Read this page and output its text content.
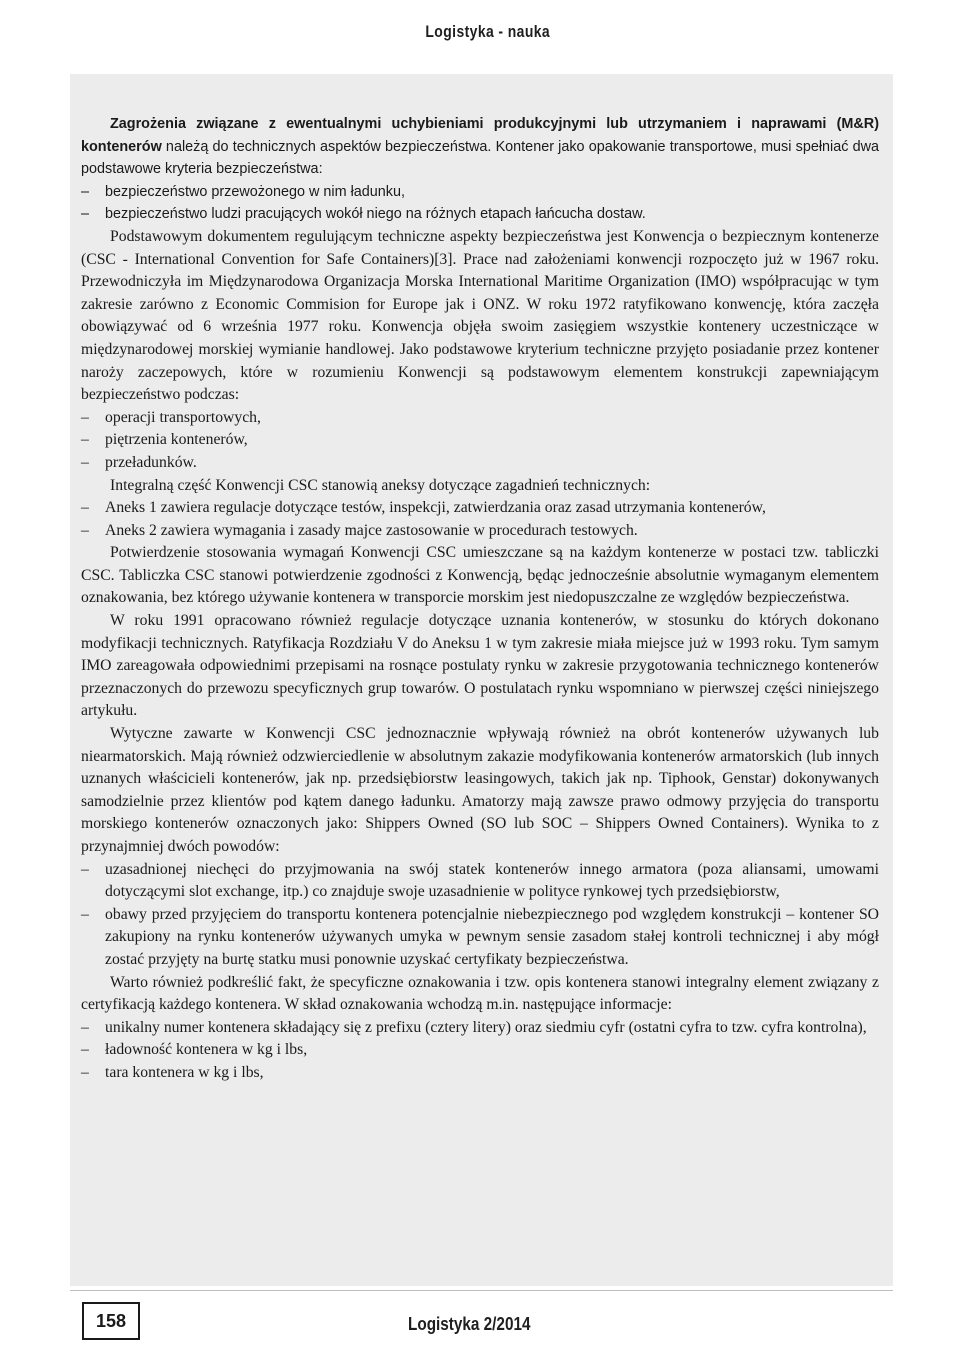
Logistyka - nauka

Zagrożenia związane z ewentualnymi uchybieniami produkcyjnymi lub utrzymaniem i naprawami (M&R) kontenerów należą do technicznych aspektów bezpieczeństwa. Kontener jako opakowanie transportowe, musi spełniać dwa podstawowe kryteria bezpieczeństwa:

– bezpieczeństwo przewożonego w nim ładunku,
– bezpieczeństwo ludzi pracujących wokół niego na różnych etapach łańcucha dostaw.

Podstawowym dokumentem regulującym techniczne aspekty bezpieczeństwa jest Konwencja o bezpiecznym kontenerze (CSC - International Convention for Safe Containers)[3]. Prace nad założeniami konwencji rozpoczęto już w 1967 roku. Przewodniczyła im Międzynarodowa Organizacja Morska International Maritime Organization (IMO) współpracując w tym zakresie zarówno z Economic Commision for Europe jak i ONZ. W roku 1972 ratyfikowano konwencję, która zaczęła obowiązywać od 6 września 1977 roku. Konwencja objęła swoim zasięgiem wszystkie kontenery uczestniczące w międzynarodowej morskiej wymianie handlowej. Jako podstawowe kryterium techniczne przyjęto posiadanie przez kontener naroży zaczepowych, które w rozumieniu Konwencji są podstawowym elementem konstrukcji zapewniającym bezpieczeństwo podczas:

– operacji transportowych,
– piętrzenia kontenerów,
– przeładunków.

Integralną część Konwencji CSC stanowią aneksy dotyczące zagadnień technicznych:

– Aneks 1 zawiera regulacje dotyczące testów, inspekcji, zatwierdzania oraz zasad utrzymania kontenerów,
– Aneks 2 zawiera wymagania i zasady majce zastosowanie w procedurach testowych.

Potwierdzenie stosowania wymagań Konwencji CSC umieszczane są na każdym kontenerze w postaci tzw. tabliczki CSC. Tabliczka CSC stanowi potwierdzenie zgodności z Konwencją, będąc jednocześnie absolutnie wymaganym elementem oznakowania, bez którego używanie kontenera w transporcie morskim jest niedopuszczalne ze względów bezpieczeństwa.

W roku 1991 opracowano również regulacje dotyczące uznania kontenerów, w stosunku do których dokonano modyfikacji technicznych. Ratyfikacja Rozdziału V do Aneksu 1 w tym zakresie miała miejsce już w 1993 roku. Tym samym IMO zareagowała odpowiednimi przepisami na rosnące postulaty rynku w zakresie przygotowania technicznego kontenerów przeznaczonych do przewozu specyficznych grup towarów. O postulatach rynku wspomniano w pierwszej części niniejszego artykułu.

Wytyczne zawarte w Konwencji CSC jednoznacznie wpływają również na obrót kontenerów używanych lub niearmatorskich. Mają również odzwierciedlenie w absolutnym zakazie modyfikowania kontenerów armatorskich (lub innych uznanych właścicieli kontenerów, jak np. przedsiębiorstw leasingowych, takich jak np. Tiphook, Genstar) dokonywanych samodzielnie przez klientów pod kątem danego ładunku. Amatorzy mają zawsze prawo odmowy przyjęcia do transportu morskiego kontenerów oznaczonych jako: Shippers Owned (SO lub SOC – Shippers Owned Containers). Wynika to z przynajmniej dwóch powodów:

– uzasadnionej niechęci do przyjmowania na swój statek kontenerów innego armatora (poza aliansami, umowami dotyczącymi slot exchange, itp.) co znajduje swoje uzasadnienie w polityce rynkowej tych przedsiębiorstw,
– obawy przed przyjęciem do transportu kontenera potencjalnie niebezpiecznego pod względem konstrukcji – kontener SO zakupiony na rynku kontenerów używanych umyka w pewnym sensie zasadom stałej kontroli technicznej i aby mógł zostać przyjęty na burtę statku musi ponownie uzyskać certyfikaty bezpieczeństwa.

Warto również podkreślić fakt, że specyficzne oznakowania i tzw. opis kontenera stanowi integralny element związany z certyfikacją każdego kontenera. W skład oznakowania wchodzą m.in. następujące informacje:

– unikalny numer kontenera składający się z prefixu (cztery litery) oraz siedmiu cyfr (ostatni cyfra to tzw. cyfra kontrolna),
– ładowność kontenera w kg i lbs,
– tara kontenera w kg i lbs,
158	Logistyka 2/2014
